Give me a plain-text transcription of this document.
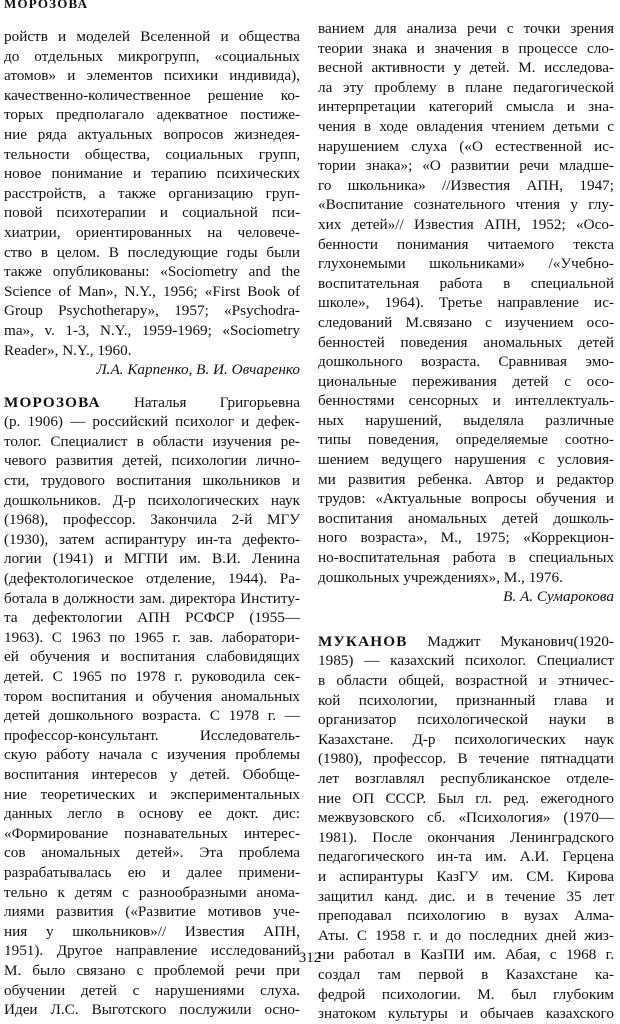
МОРОЗОВА
ройств и моделей Вселенной и общества
до отдельных микрогрупп, «социальных
атомов» и элементов психики индивида),
качественно-количественное решение ко-
торых предполагало адекватное постиже-
ние ряда актуальных вопросов жизнедея-
тельности общества, социальных групп,
новое понимание и терапию психических
расстройств, а также организацию груп-
повой психотерапии и социальной пси-
хиатрии, ориентированных на человече-
ство в целом. В последующие годы были
также опубликованы: «Sociometry and the
Science of Man», N.Y., 1956; «First Book of
Group Psychotherapy», 1957; «Psychodra-
ma», v. 1-3, N.Y., 1959-1969; «Sociometry
Reader», N.Y., 1960.
Л.А. Карпенко, В. И. Овчаренко
МОРОЗОВА Наталья Григорьевна
(р. 1906) — российский психолог и дефек-
толог. Специалист в области изучения ре-
чевого развития детей, психологии лично-
сти, трудового воспитания школьников и
дошкольников. Д-р психологических наук
(1968), профессор. Закончила 2-й МГУ
(1930), затем аспирантуру ин-та дефекто-
логии (1941) и МГПИ им. В.И. Ленина
(дефектологическое отделение, 1944). Ра-
ботала в должности зам. директора Институ-
та дефектологии АПН РСФСР (1955—
1963). С 1963 по 1965 г. зав. лаборатори-
ей обучения и воспитания слабовидящих
детей. С 1965 по 1978 г. руководила сек-
тором воспитания и обучения аномальных
детей дошкольного возраста. С 1978 г. —
профессор-консультант. Исследователь-
скую работу начала с изучения проблемы
воспитания интересов у детей. Обобще-
ние теоретических и экспериментальных
данных легло в основу ее докт. дис:
«Формирование познавательных интерес-
сов аномальных детей». Эта проблема
разрабатывалась ею и далее примени-
тельно к детям с разнообразными анома-
лиями развития («Развитие мотивов уче-
ния у школьников»// Известия АПН,
1951). Другое направление исследований
М. было связано с проблемой речи при
обучении детей с нарушениями слуха.
Идеи Л.С. Выготского послужили осно-
ванием для анализа речи с точки зрения
теории знака и значения в процессе сло-
весной активности у детей. М. исследова-
ла эту проблему в плане педагогической
интерпретации категорий смысла и зна-
чения в ходе овладения чтением детьми с
нарушением слуха («О естественной ис-
тории знака»; «О развитии речи младше-
го школьника» //Известия АПН, 1947;
«Воспитание сознательного чтения у глу-
хих детей»// Известия АПН, 1952; «Осо-
бенности понимания читаемого текста
глухонемыми школьниками» /«Учебно-
воспитательная работа в специальной
школе», 1964). Третье направление ис-
следований М.связано с изучением осо-
бенностей поведения аномальных детей
дошкольного возраста. Сравнивая эмо-
циональные переживания детей с осо-
бенностями сенсорных и интеллектуаль-
ных нарушений, выделяла различные
типы поведения, определяемые соотно-
шением ведущего нарушения с условия-
ми развития ребенка. Автор и редактор
трудов: «Актуальные вопросы обучения и
воспитания аномальных детей дошколь-
ного возраста», М., 1975; «Коррекцион-
но-воспитательная работа в специальных
дошкольных учреждениях», М., 1976.
В. А. Сумарокова
МУКАНОВ Маджит Муканович(1920-
1985) — казахский психолог. Специалист
в области общей, возрастной и этничес-
кой психологии, признанный глава и
организатор психологической науки в
Казахстане. Д-р психологических наук
(1980), профессор. В течение пятнадцати
лет возглавлял республиканское отделе-
ние ОП СССР. Был гл. ред. ежегодного
межвузовского сб. «Психология» (1970—
1981). После окончания Ленинградского
педагогического ин-та им. А.И. Герцена
и аспирантуры КазГУ им. СМ. Кирова
защитил канд. дис. и в течение 35 лет
преподавал психологию в вузах Алма-
Аты. С 1958 г. и до последних дней жиз-
ни работал в КазПИ им. Абая, с 1968 г.
создал там первой в Казахстане ка-
федрой психологии. М. был глубоким
знатоком культуры и обычаев казахского
312
